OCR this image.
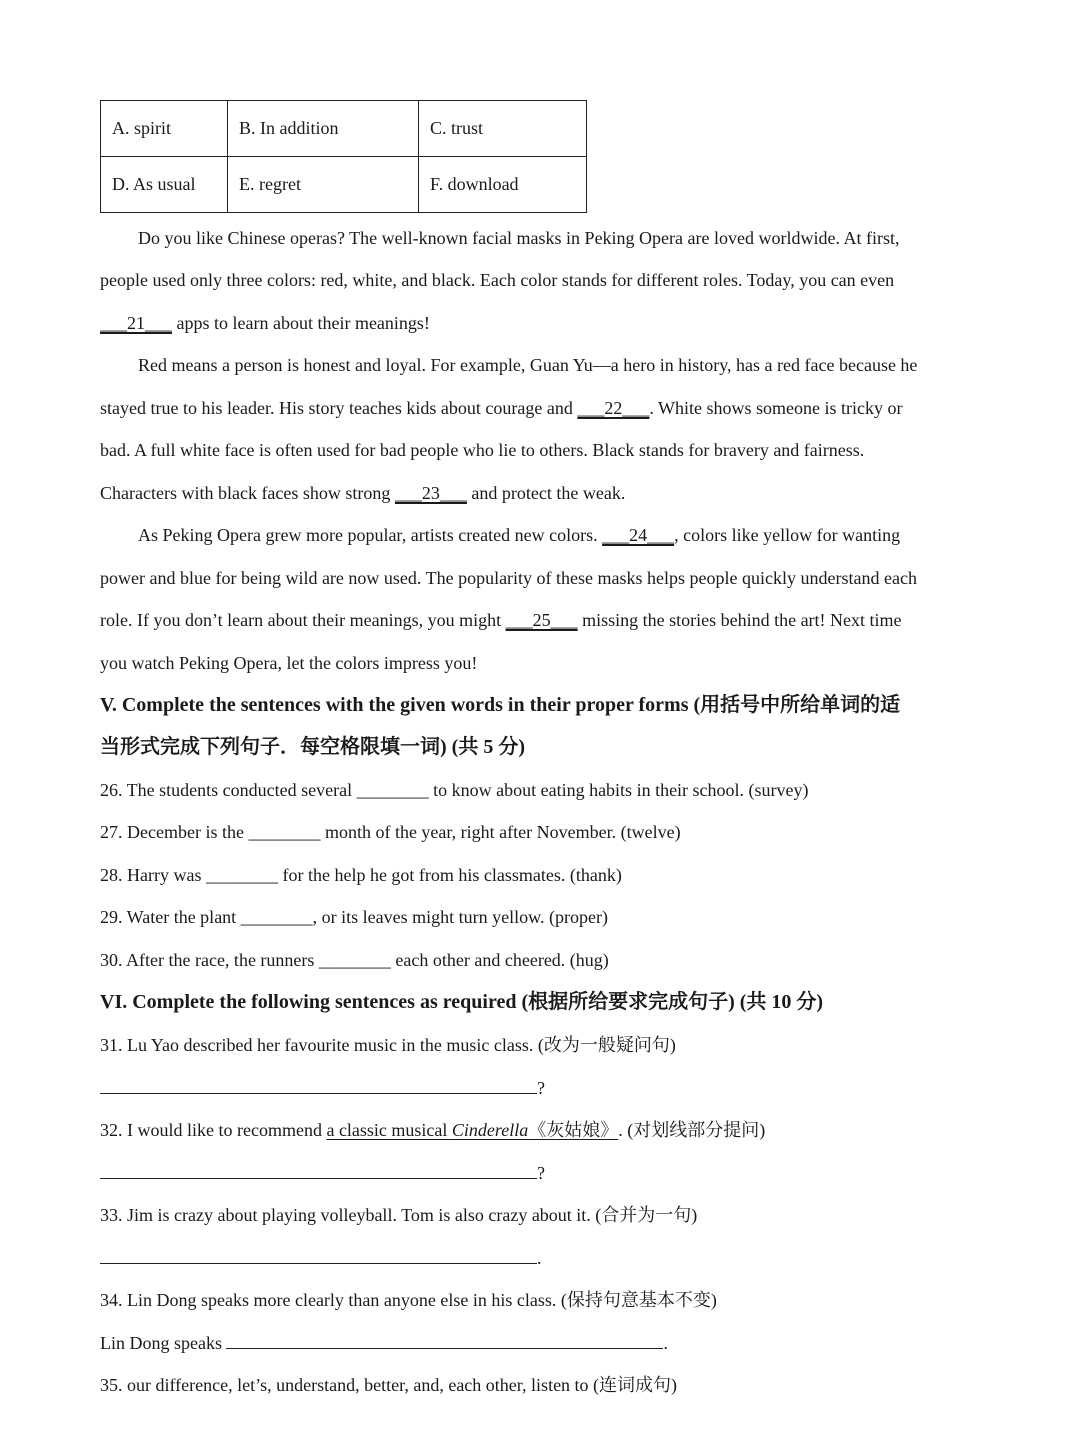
A. spirit	B. In addition	C. trust
D. As usual	E. regret	F. download
Do you like Chinese operas? The well-known facial masks in Peking Opera are loved worldwide. At first,
people used only three colors: red, white, and black. Each color stands for different roles. Today, you can even
___21___ apps to learn about their meanings!
Red means a person is honest and loyal. For example, Guan Yu—a hero in history, has a red face because he
stayed true to his leader. His story teaches kids about courage and ___22___. White shows someone is tricky or
bad. A full white face is often used for bad people who lie to others. Black stands for bravery and fairness.
Characters with black faces show strong ___23___ and protect the weak.
As Peking Opera grew more popular, artists created new colors. ___24___, colors like yellow for wanting
power and blue for being wild are now used. The popularity of these masks helps people quickly understand each
role. If you don’t learn about their meanings, you might ___25___ missing the stories behind the art! Next time
you watch Peking Opera, let the colors impress you!
V. Complete the sentences with the given words in their proper forms (用括号中所给单词的适
当形式完成下列句子．每空格限填一词) (共 5 分)
26. The students conducted several ________ to know about eating habits in their school. (survey)
27. December is the ________ month of the year, right after November. (twelve)
28. Harry was ________ for the help he got from his classmates. (thank)
29. Water the plant ________, or its leaves might turn yellow. (proper)
30. After the race, the runners ________ each other and cheered. (hug)
VI. Complete the following sentences as required (根据所给要求完成句子) (共 10 分)
31. Lu Yao described her favourite music in the music class. (改为一般疑问句)
?
32. I would like to recommend a classic musical Cinderella《灰姑娘》. (对划线部分提问)
?
33. Jim is crazy about playing volleyball. Tom is also crazy about it. (合并为一句)
.
34. Lin Dong speaks more clearly than anyone else in his class. (保持句意基本不变)
Lin Dong speaks	.
35. our difference, let’s, understand, better, and, each other, listen to (连词成句)
